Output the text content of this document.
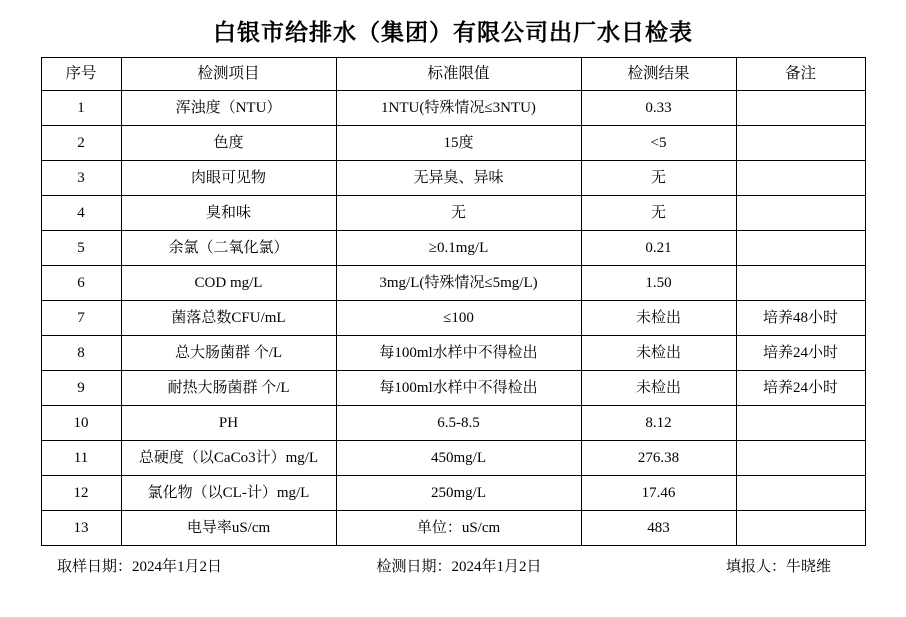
白银市给排水（集团）有限公司出厂水日检表
序号	检测项目	标准限值	检测结果	备注
1	浑浊度（NTU）	1NTU(特殊情况≤3NTU)	0.33	
2	色度	15度	<5	
3	肉眼可见物	无异臭、异味	无	
4	臭和味	无	无	
5	余氯（二氧化氯）	≥0.1mg/L	0.21	
6	COD mg/L	3mg/L(特殊情况≤5mg/L)	1.50	
7	菌落总数CFU/mL	≤100	未检出	培养48小时
8	总大肠菌群 个/L	每100ml水样中不得检出	未检出	培养24小时
9	耐热大肠菌群 个/L	每100ml水样中不得检出	未检出	培养24小时
10	PH	6.5-8.5	8.12	
11	总硬度（以CaCo3计）mg/L	450mg/L	276.38	
12	氯化物（以CL-计）mg/L	250mg/L	17.46	
13	电导率uS/cm	单位：uS/cm	483	
取样日期：2024年1月2日	检测日期：2024年1月2日	填报人：牛晓维
